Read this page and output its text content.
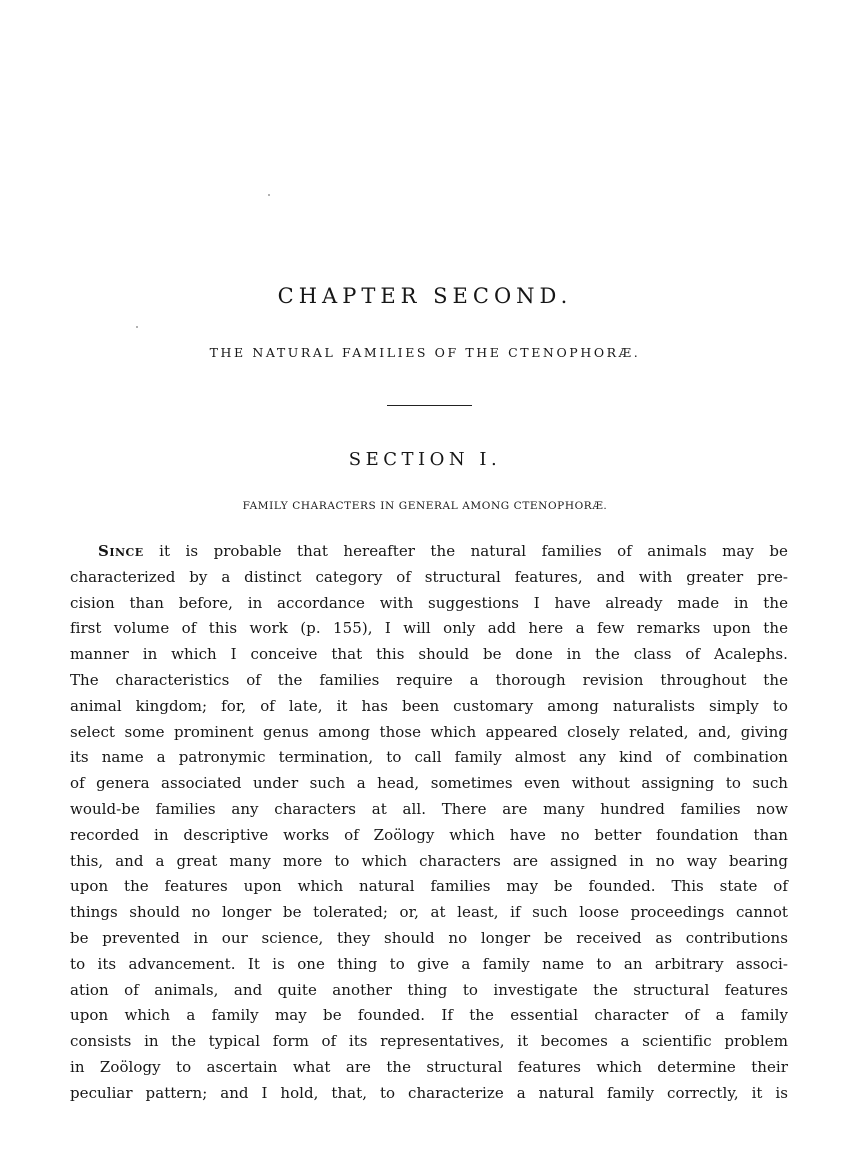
CHAPTER SECOND.
THE NATURAL FAMILIES OF THE CTENOPHORÆ.
SECTION I.
FAMILY CHARACTERS IN GENERAL AMONG CTENOPHORÆ.
Since it is probable that hereafter the natural families of animals may be
characterized by a distinct category of structural features, and with greater pre-
cision than before, in accordance with suggestions I have already made in the
first volume of this work (p. 155), I will only add here a few remarks upon the
manner in which I conceive that this should be done in the class of Acalephs.
The characteristics of the families require a thorough revision throughout the
animal kingdom; for, of late, it has been customary among naturalists simply to
select some prominent genus among those which appeared closely related, and, giving
its name a patronymic termination, to call family almost any kind of combination
of genera associated under such a head, sometimes even without assigning to such
would-be families any characters at all. There are many hundred families now
recorded in descriptive works of Zoölogy which have no better foundation than
this, and a great many more to which characters are assigned in no way bearing
upon the features upon which natural families may be founded. This state of
things should no longer be tolerated; or, at least, if such loose proceedings cannot
be prevented in our science, they should no longer be received as contributions
to its advancement. It is one thing to give a family name to an arbitrary associ-
ation of animals, and quite another thing to investigate the structural features
upon which a family may be founded. If the essential character of a family
consists in the typical form of its representatives, it becomes a scientific problem
in Zoölogy to ascertain what are the structural features which determine their
peculiar pattern; and I hold, that, to characterize a natural family correctly, it is
